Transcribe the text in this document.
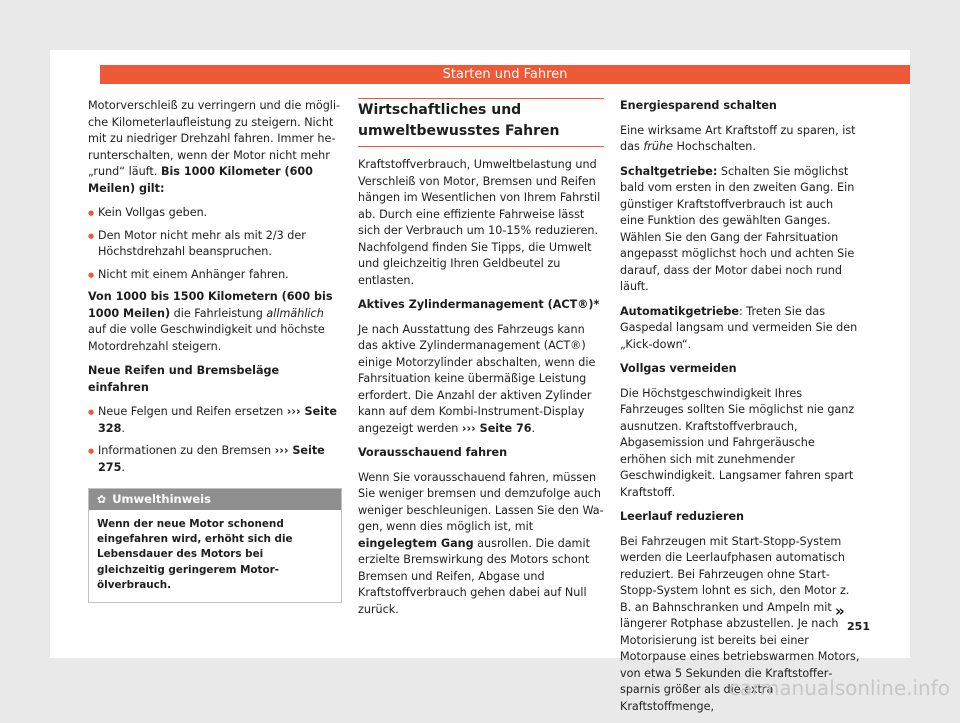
Starten und Fahren

Motorverschleiß zu verringern und die mögliche Kilometerlaufleistung zu steigern. Nicht mit zu niedriger Drehzahl fahren. Immer herunterschalten, wenn der Motor nicht mehr „rund“ läuft. Bis 1000 Kilometer (600 Meilen) gilt:

● Kein Vollgas geben.
● Den Motor nicht mehr als mit 2/3 der Höchstdrehzahl beanspruchen.
● Nicht mit einem Anhänger fahren.

Von 1000 bis 1500 Kilometern (600 bis 1000 Meilen) die Fahrleistung allmählich auf die volle Geschwindigkeit und höchste Motordrehzahl steigern.

Neue Reifen und Bremsbeläge einfahren

● Neue Felgen und Reifen ersetzen ››› Seite 328.
● Informationen zu den Bremsen ››› Seite 275.
✿ Umwelthinweis
Wenn der neue Motor schonend eingefahren wird, erhöht sich die Lebensdauer des Motors bei gleichzeitig geringerem Motorölverbrauch.
Wirtschaftliches und umweltbewusstes Fahren

Kraftstoffverbrauch, Umweltbelastung und Verschleiß von Motor, Bremsen und Reifen hängen im Wesentlichen von Ihrem Fahrstil ab. Durch eine effiziente Fahrweise lässt sich der Verbrauch um 10-15% reduzieren. Nachfolgend finden Sie Tipps, die Umwelt und gleichzeitig Ihren Geldbeutel zu entlasten.

Aktives Zylindermanagement (ACT®)*

Je nach Ausstattung des Fahrzeugs kann das aktive Zylindermanagement (ACT®) einige Motorzylinder abschalten, wenn die Fahrsituation keine übermäßige Leistung erfordert. Die Anzahl der aktiven Zylinder kann auf dem Kombi-Instrument-Display angezeigt werden ››› Seite 76.

Vorausschauend fahren

Wenn Sie vorausschauend fahren, müssen Sie weniger bremsen und demzufolge auch weniger beschleunigen. Lassen Sie den Wagen, wenn dies möglich ist, mit eingelegtem Gang ausrollen. Die damit erzielte Bremswirkung des Motors schont Bremsen und Reifen, Abgase und Kraftstoffverbrauch gehen dabei auf Null zurück.

Energiesparend schalten

Eine wirksame Art Kraftstoff zu sparen, ist das frühe Hochschalten.

Schaltgetriebe: Schalten Sie möglichst bald vom ersten in den zweiten Gang. Ein günstiger Kraftstoffverbrauch ist auch eine Funktion des gewählten Ganges. Wählen Sie den Gang der Fahrsituation angepasst möglichst hoch und achten Sie darauf, dass der Motor dabei noch rund läuft.

Automatikgetriebe: Treten Sie das Gaspedal langsam und vermeiden Sie den „Kick-down“.

Vollgas vermeiden

Die Höchstgeschwindigkeit Ihres Fahrzeuges sollten Sie möglichst nie ganz ausnutzen. Kraftstoffverbrauch, Abgasemission und Fahrgeräusche erhöhen sich mit zunehmender Geschwindigkeit. Langsamer fahren spart Kraftstoff.

Leerlauf reduzieren

Bei Fahrzeugen mit Start-Stopp-System werden die Leerlaufphasen automatisch reduziert. Bei Fahrzeugen ohne Start-Stopp-System lohnt es sich, den Motor z. B. an Bahnschranken und Ampeln mit längerer Rotphase abzustellen. Je nach Motorisierung ist bereits bei einer Motorpause eines betriebswarmen Motors, von etwa 5 Sekunden die Kraftstoffersparnis größer als die extra Kraftstoffmenge,

»
251
carmanualsonline.info
